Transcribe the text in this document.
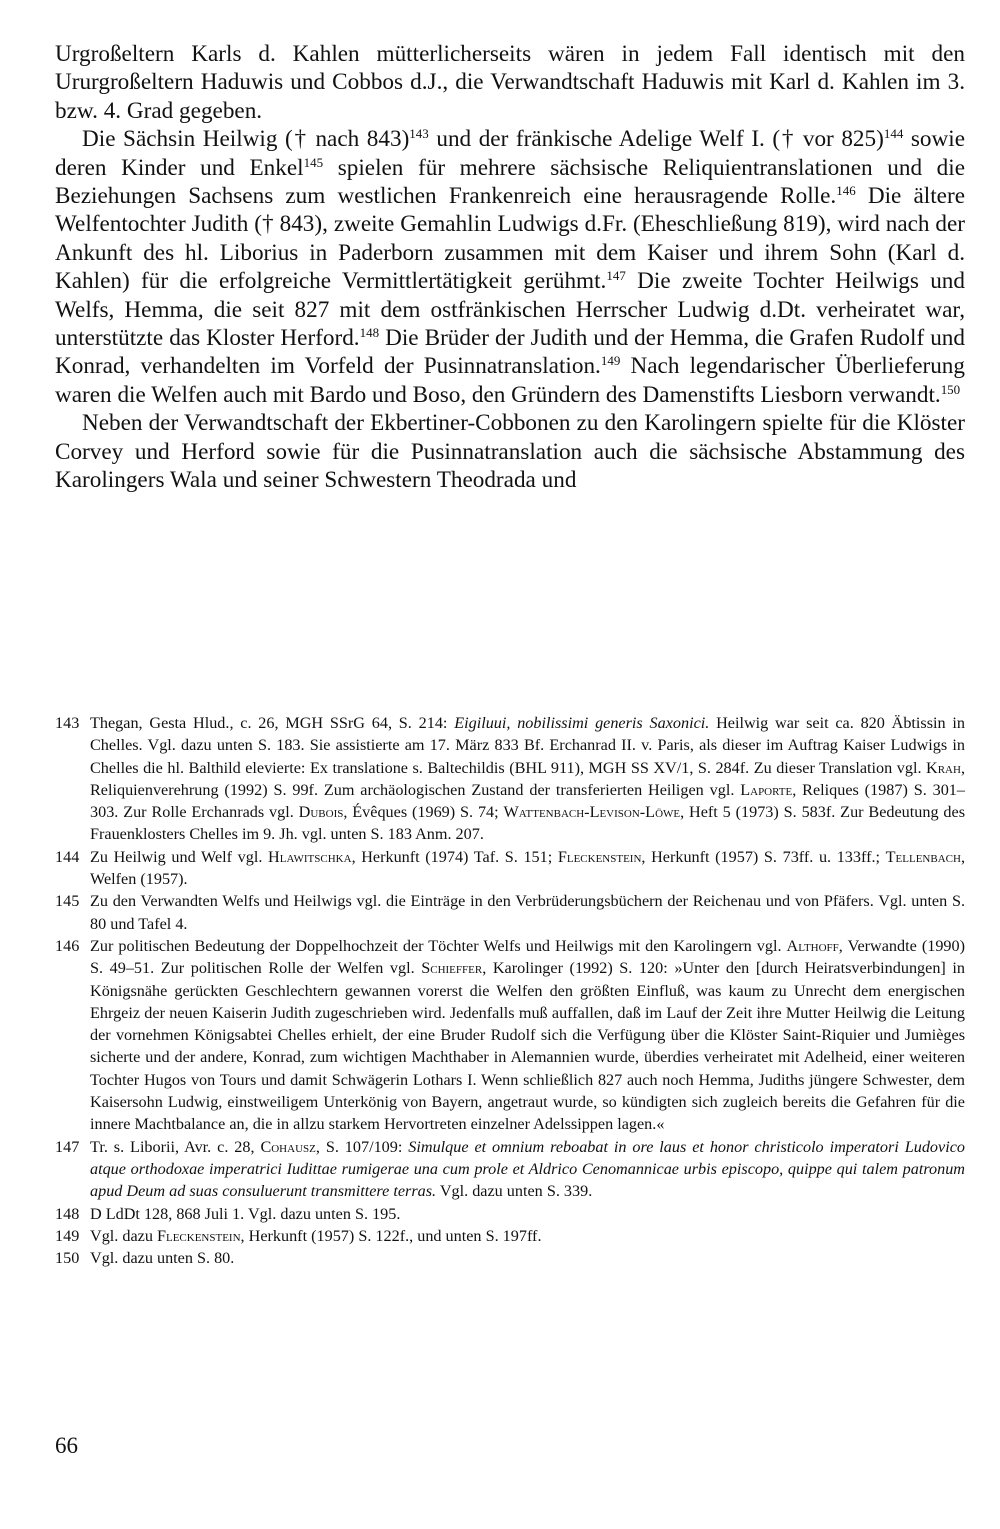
Urgroßeltern Karls d. Kahlen mütterlicherseits wären in jedem Fall identisch mit den Ururgroßeltern Haduwis und Cobbos d.J., die Verwandtschaft Haduwis mit Karl d. Kahlen im 3. bzw. 4. Grad gegeben.

Die Sächsin Heilwig († nach 843)$^{143}$ und der fränkische Adelige Welf I. († vor 825)$^{144}$ sowie deren Kinder und Enkel$^{145}$ spielen für mehrere sächsische Reliquientranslationen und die Beziehungen Sachsens zum westlichen Frankenreich eine herausragende Rolle.$^{146}$ Die ältere Welfentochter Judith († 843), zweite Gemahlin Ludwigs d.Fr. (Eheschließung 819), wird nach der Ankunft des hl. Liborius in Paderborn zusammen mit dem Kaiser und ihrem Sohn (Karl d. Kahlen) für die erfolgreiche Vermittlertätigkeit gerühmt.$^{147}$ Die zweite Tochter Heilwigs und Welfs, Hemma, die seit 827 mit dem ostfränkischen Herrscher Ludwig d.Dt. verheiratet war, unterstützte das Kloster Herford.$^{148}$ Die Brüder der Judith und der Hemma, die Grafen Rudolf und Konrad, verhandelten im Vorfeld der Pusinnatranslation.$^{149}$ Nach legendarischer Überlieferung waren die Welfen auch mit Bardo und Boso, den Gründern des Damenstifts Liesborn verwandt.$^{150}$

Neben der Verwandtschaft der Ekbertiner-Cobbonen zu den Karolingern spielte für die Klöster Corvey und Herford sowie für die Pusinnatranslation auch die sächsische Abstammung des Karolingers Wala und seiner Schwestern Theodrada und

143 Thegan, Gesta Hlud., c. 26, MGH SSrG 64, S. 214: Eigiluui, nobilissimi generis Saxonici. Heilwig war seit ca. 820 Äbtissin in Chelles. Vgl. dazu unten S. 183. Sie assistierte am 17. März 833 Bf. Erchanrad II. v. Paris, als dieser im Auftrag Kaiser Ludwigs in Chelles die hl. Balthild elevierte: Ex translatione s. Baltechildis (BHL 911), MGH SS XV/1, S. 284f. Zu dieser Translation vgl. Krah, Reliquienverehrung (1992) S. 99f. Zum archäologischen Zustand der transferierten Heiligen vgl. Laporte, Reliques (1987) S. 301–303. Zur Rolle Erchanrads vgl. Dubois, Évêques (1969) S. 74; Wattenbach-Levison-Löwe, Heft 5 (1973) S. 583f. Zur Bedeutung des Frauenklosters Chelles im 9. Jh. vgl. unten S. 183 Anm. 207.
144 Zu Heilwig und Welf vgl. Hlawitschka, Herkunft (1974) Taf. S. 151; Fleckenstein, Herkunft (1957) S. 73ff. u. 133ff.; Tellenbach, Welfen (1957).
145 Zu den Verwandten Welfs und Heilwigs vgl. die Einträge in den Verbrüderungsbüchern der Reichenau und von Pfäfers. Vgl. unten S. 80 und Tafel 4.
146 Zur politischen Bedeutung der Doppelhochzeit der Töchter Welfs und Heilwigs mit den Karolingern vgl. Althoff, Verwandte (1990) S. 49–51. Zur politischen Rolle der Welfen vgl. Schieffer, Karolinger (1992) S. 120: »Unter den [durch Heiratsverbindungen] in Königsnähe gerückten Geschlechtern gewannen vorerst die Welfen den größten Einfluß, was kaum zu Unrecht dem energischen Ehrgeiz der neuen Kaiserin Judith zugeschrieben wird. Jedenfalls muß auffallen, daß im Lauf der Zeit ihre Mutter Heilwig die Leitung der vornehmen Königsabtei Chelles erhielt, der eine Bruder Rudolf sich die Verfügung über die Klöster Saint-Riquier und Jumièges sicherte und der andere, Konrad, zum wichtigen Machthaber in Alemannien wurde, überdies verheiratet mit Adelheid, einer weiteren Tochter Hugos von Tours und damit Schwägerin Lothars I. Wenn schließlich 827 auch noch Hemma, Judiths jüngere Schwester, dem Kaisersohn Ludwig, einstweiligem Unterkönig von Bayern, angetraut wurde, so kündigten sich zugleich bereits die Gefahren für die innere Machtbalance an, die in allzu starkem Hervortreten einzelner Adelssippen lagen.«
147 Tr. s. Liborii, Avr. c. 28, Cohausz, S. 107/109: Simulque et omnium reboabat in ore laus et honor christicolo imperatori Ludovico atque orthodoxae imperatrici Iudittae rumigerae una cum prole et Aldrico Cenomannicae urbis episcopo, quippe qui talem patronum apud Deum ad suas consuluerunt transmittere terras. Vgl. dazu unten S. 339.
148 D LdDt 128, 868 Juli 1. Vgl. dazu unten S. 195.
149 Vgl. dazu Fleckenstein, Herkunft (1957) S. 122f., und unten S. 197ff.
150 Vgl. dazu unten S. 80.
66
